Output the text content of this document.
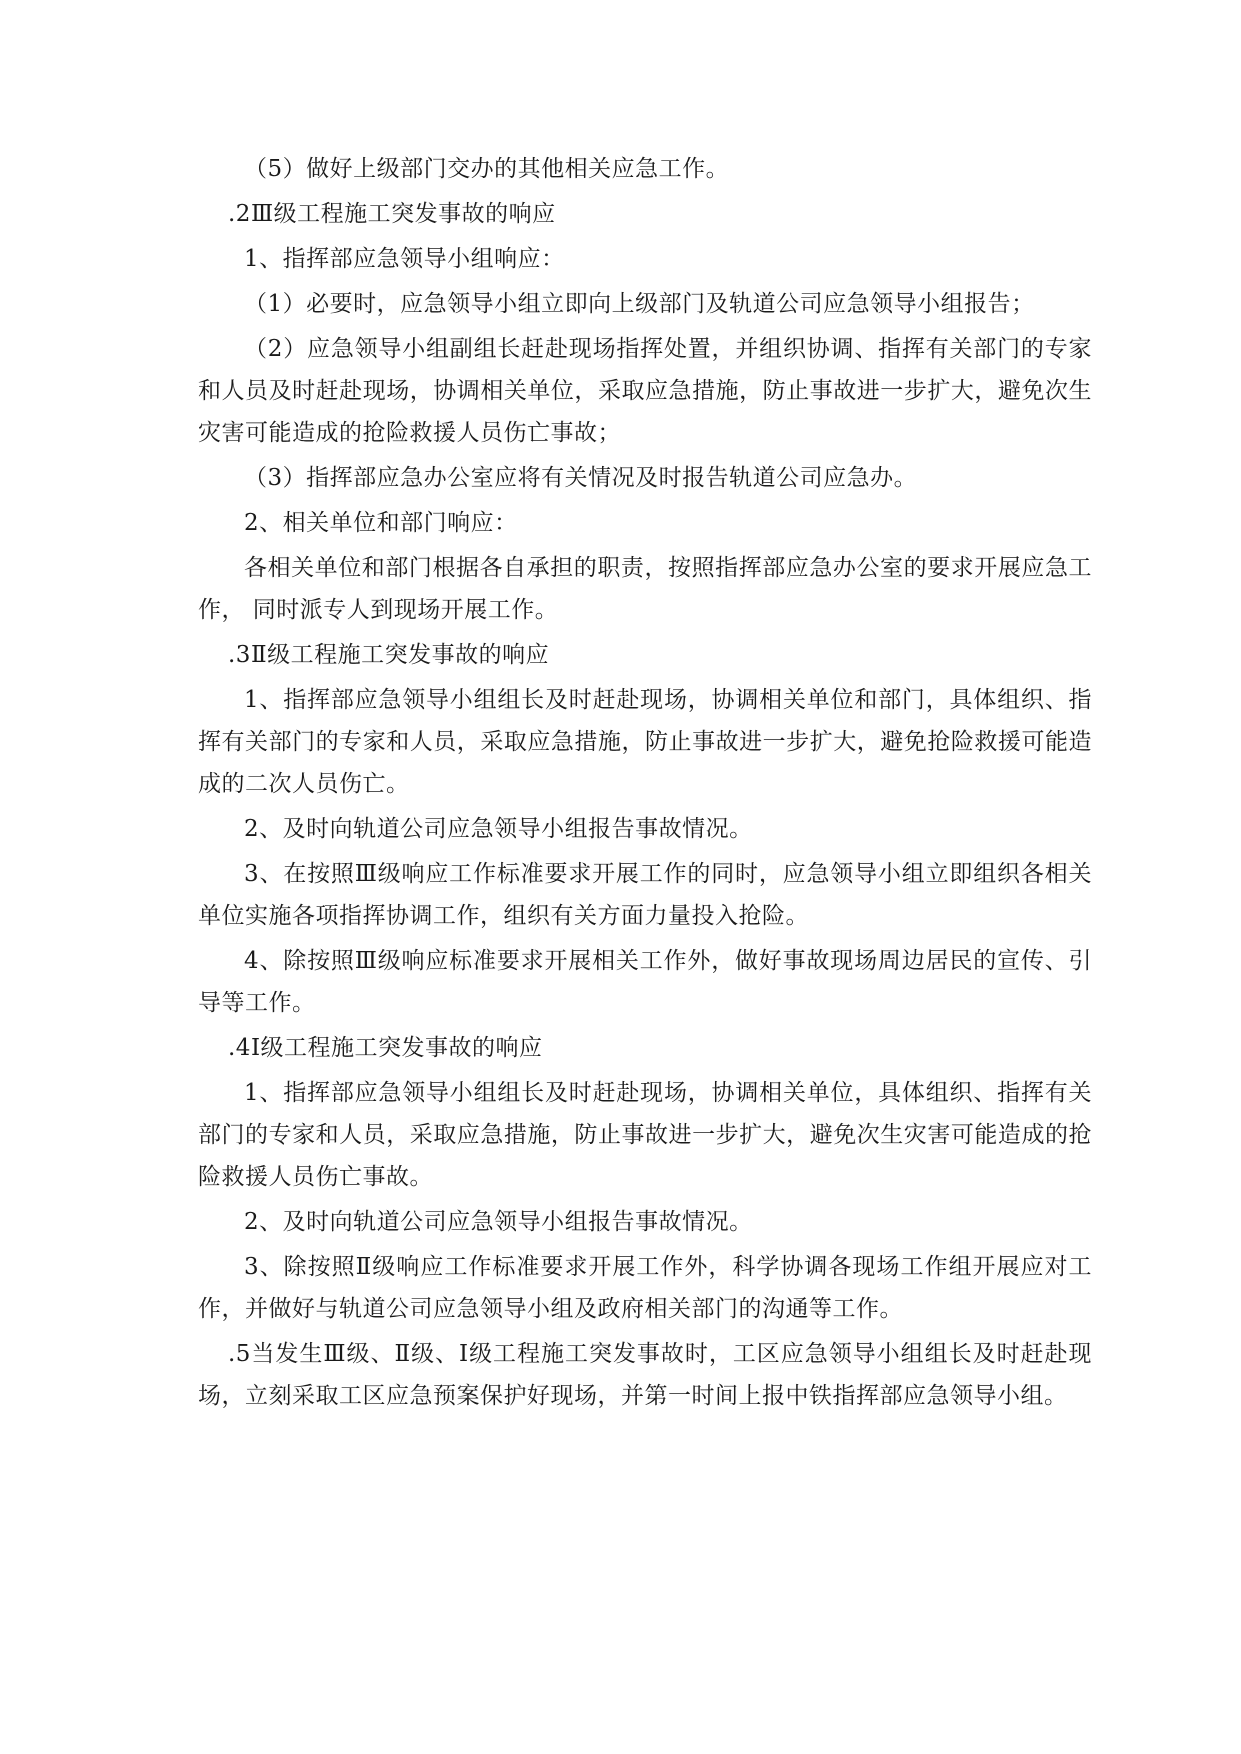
（5）做好上级部门交办的其他相关应急工作。

.2Ⅲ级工程施工突发事故的响应

1、指挥部应急领导小组响应：

（1）必要时，应急领导小组立即向上级部门及轨道公司应急领导小组报告；

（2）应急领导小组副组长赶赴现场指挥处置，并组织协调、指挥有关部门的专家和人员及时赶赴现场，协调相关单位，采取应急措施，防止事故进一步扩大，避免次生灾害可能造成的抢险救援人员伤亡事故；

（3）指挥部应急办公室应将有关情况及时报告轨道公司应急办。

2、相关单位和部门响应：

各相关单位和部门根据各自承担的职责，按照指挥部应急办公室的要求开展应急工作， 同时派专人到现场开展工作。

.3Ⅱ级工程施工突发事故的响应

1、指挥部应急领导小组组长及时赶赴现场，协调相关单位和部门，具体组织、指挥有关部门的专家和人员，采取应急措施，防止事故进一步扩大，避免抢险救援可能造成的二次人员伤亡。

2、及时向轨道公司应急领导小组报告事故情况。

3、在按照Ⅲ级响应工作标准要求开展工作的同时，应急领导小组立即组织各相关单位实施各项指挥协调工作，组织有关方面力量投入抢险。

4、除按照Ⅲ级响应标准要求开展相关工作外，做好事故现场周边居民的宣传、引导等工作。

.4Ⅰ级工程施工突发事故的响应

1、指挥部应急领导小组组长及时赶赴现场，协调相关单位，具体组织、指挥有关部门的专家和人员，采取应急措施，防止事故进一步扩大，避免次生灾害可能造成的抢险救援人员伤亡事故。

2、及时向轨道公司应急领导小组报告事故情况。

3、除按照Ⅱ级响应工作标准要求开展工作外，科学协调各现场工作组开展应对工作，并做好与轨道公司应急领导小组及政府相关部门的沟通等工作。

.5当发生Ⅲ级、Ⅱ级、Ⅰ级工程施工突发事故时，工区应急领导小组组长及时赶赴现场，立刻采取工区应急预案保护好现场，并第一时间上报中铁指挥部应急领导小组。
